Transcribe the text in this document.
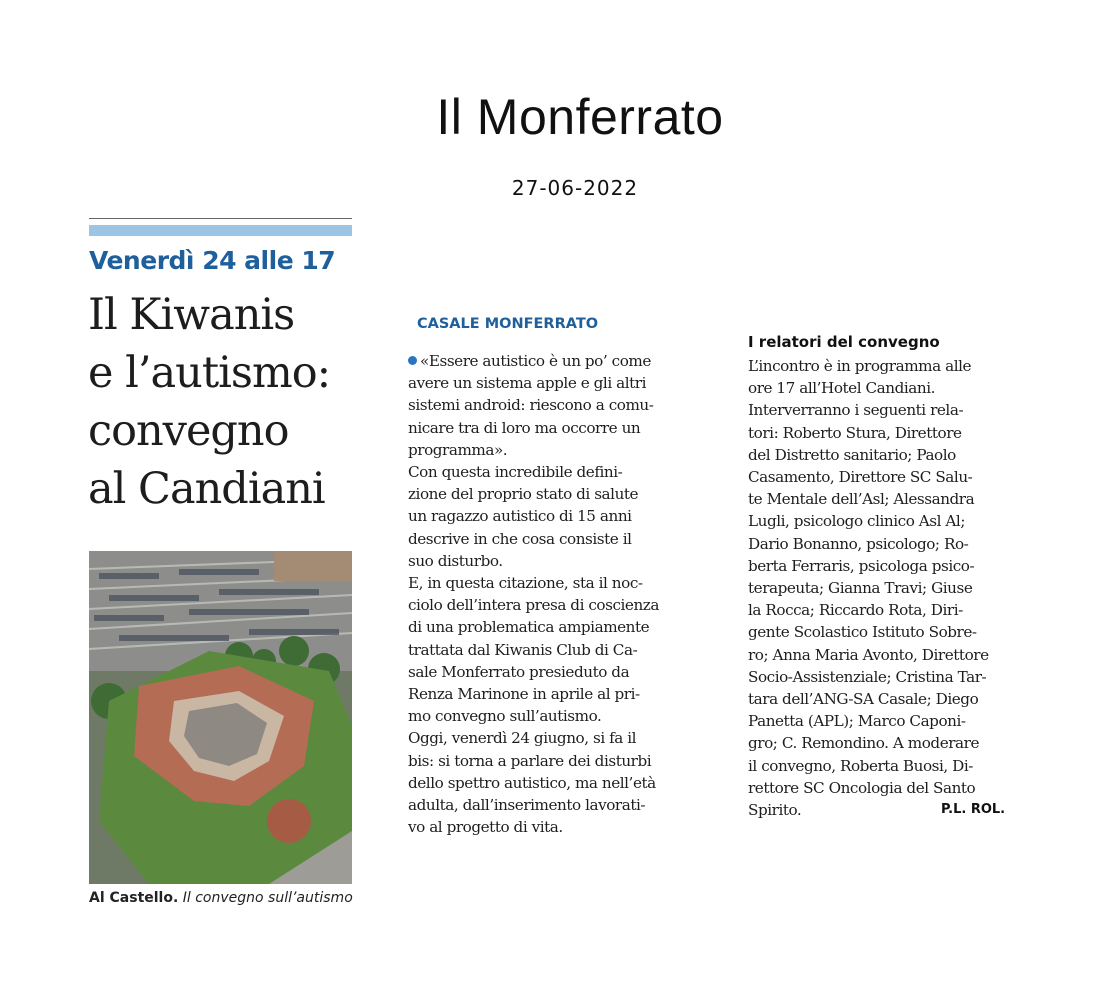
Il Monferrato
27-06-2022
Venerdì 24 alle 17
Il Kiwanis
e l’autismo:
convegno
al Candiani
Al Castello. Il convegno sull’autismo
CASALE MONFERRATO
«Essere autistico è un po’ come
avere un sistema apple e gli altri
sistemi android: riescono a comu-
nicare tra di loro ma occorre un
programma».
Con questa incredibile defini-
zione del proprio stato di salute
un ragazzo autistico di 15 anni
descrive in che cosa consiste il
suo disturbo.
E, in questa citazione, sta il noc-
ciolo dell’intera presa di coscienza
di una problematica ampiamente
trattata dal Kiwanis Club di Ca-
sale Monferrato presieduto da
Renza Marinone in aprile al pri-
mo convegno sull’autismo.
Oggi, venerdì 24 giugno, si fa il
bis: si torna a parlare dei disturbi
dello spettro autistico, ma nell’età
adulta, dall’inserimento lavorati-
vo al progetto di vita.
I relatori del convegno
L’incontro è in programma alle
ore 17 all’Hotel Candiani.
Interverranno i seguenti rela-
tori: Roberto Stura, Direttore
del Distretto sanitario; Paolo
Casamento, Direttore SC Salu-
te Mentale dell’Asl; Alessandra
Lugli, psicologo clinico Asl Al;
Dario Bonanno, psicologo; Ro-
berta Ferraris, psicologa psico-
terapeuta; Gianna Travi; Giuse
la Rocca; Riccardo Rota, Diri-
gente Scolastico Istituto Sobre-
ro; Anna Maria Avonto, Direttore
Socio-Assistenziale; Cristina Tar-
tara dell’ANG-SA Casale; Diego
Panetta (APL); Marco Caponi-
gro; C. Remondino. A moderare
il convegno, Roberta Buosi, Di-
rettore SC Oncologia del Santo
Spirito.	P.L. ROL.
